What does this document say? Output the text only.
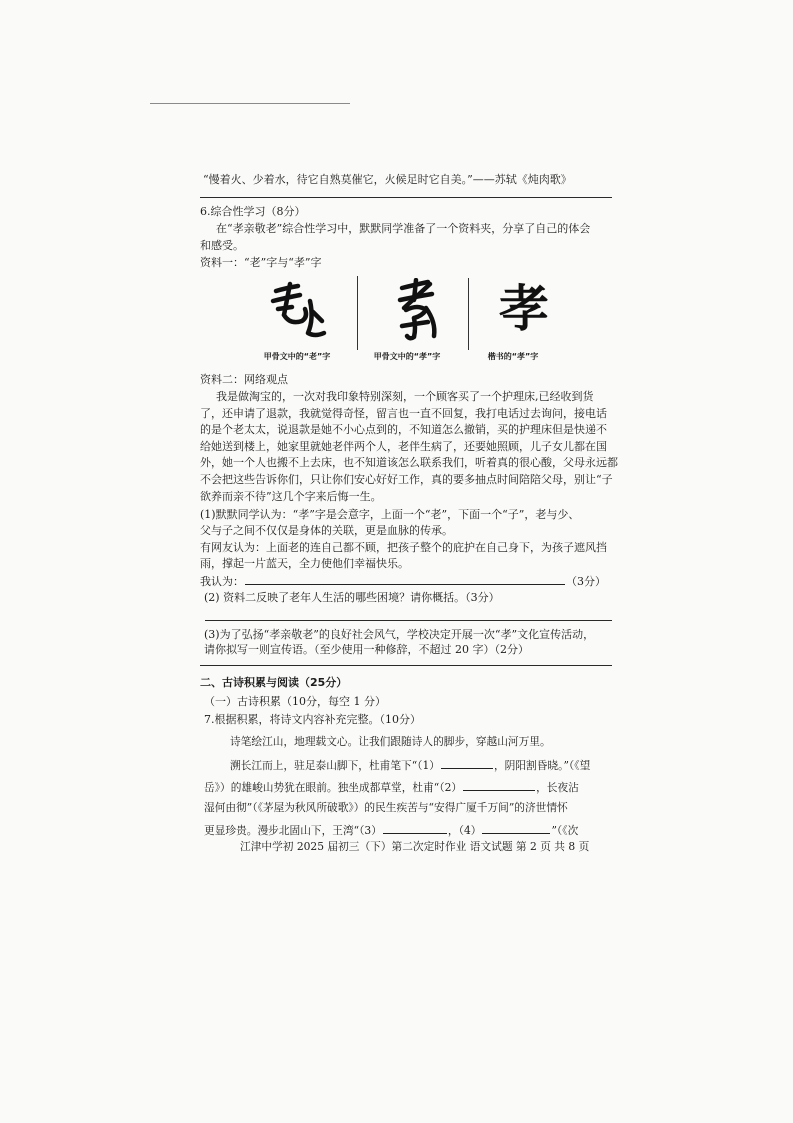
“慢着火、少着水，待它自熟莫催它，火候足时它自美。”——苏轼《炖肉歌》
6.综合性学习（8分）
在“孝亲敬老”综合性学习中，默默同学准备了一个资料夹，分享了自己的体会
和感受。
资料一：“老”字与“孝”字
孝
甲骨文中的“老”字	甲骨文中的“孝”字	楷书的“孝”字
资料二：网络观点
我是做淘宝的，一次对我印象特别深刻，一个顾客买了一个护理床,已经收到货
了，还申请了退款，我就觉得奇怪，留言也一直不回复，我打电话过去询问，接电话
的是个老太太，说退款是她不小心点到的，不知道怎么撤销，买的护理床但是快递不
给她送到楼上，她家里就她老伴两个人，老伴生病了，还要她照顾，儿子女儿都在国
外，她一个人也搬不上去床，也不知道该怎么联系我们，听着真的很心酸，父母永远都
不会把这些告诉你们，只让你们安心好好工作，真的要多抽点时间陪陪父母，别让“子
欲养而亲不待”这几个字来后悔一生。
(1)默默同学认为：“孝”字是会意字，上面一个“老”，下面一个“子”，老与少、
父与子之间不仅仅是身体的关联，更是血脉的传承。
有网友认为：上面老的连自己都不顾，把孩子整个的庇护在自己身下，为孩子遮风挡
雨，撑起一片蓝天，全力使他们幸福快乐。
我认为：	（3分）
(2) 资料二反映了老年人生活的哪些困境？请你概括。（3分）
(3)为了弘扬“孝亲敬老”的良好社会风气，学校决定开展一次“孝”文化宣传活动，
请你拟写一则宣传语。（至少使用一种修辞，不超过 20 字）（2分）
二、古诗积累与阅读（25分）
（一）古诗积累（10分，每空 1 分）
7.根据积累，将诗文内容补充完整。（10分）
诗笔绘江山，地理载文心。让我们跟随诗人的脚步，穿越山河万里。
溯长江而上，驻足泰山脚下，杜甫笔下“（1）	，阴阳割昏晓。”（《望
岳》）的雄峻山势犹在眼前。独坐成都草堂，杜甫“（2）	，长夜沾
湿何由彻”（《茅屋为秋风所破歌》）的民生疾苦与“安得广厦千万间”的济世情怀
更显珍贵。漫步北固山下，王湾“（3）	，（4）	”（《次
江津中学初 2025 届初三（下）第二次定时作业 语文试题 第 2 页 共 8 页
